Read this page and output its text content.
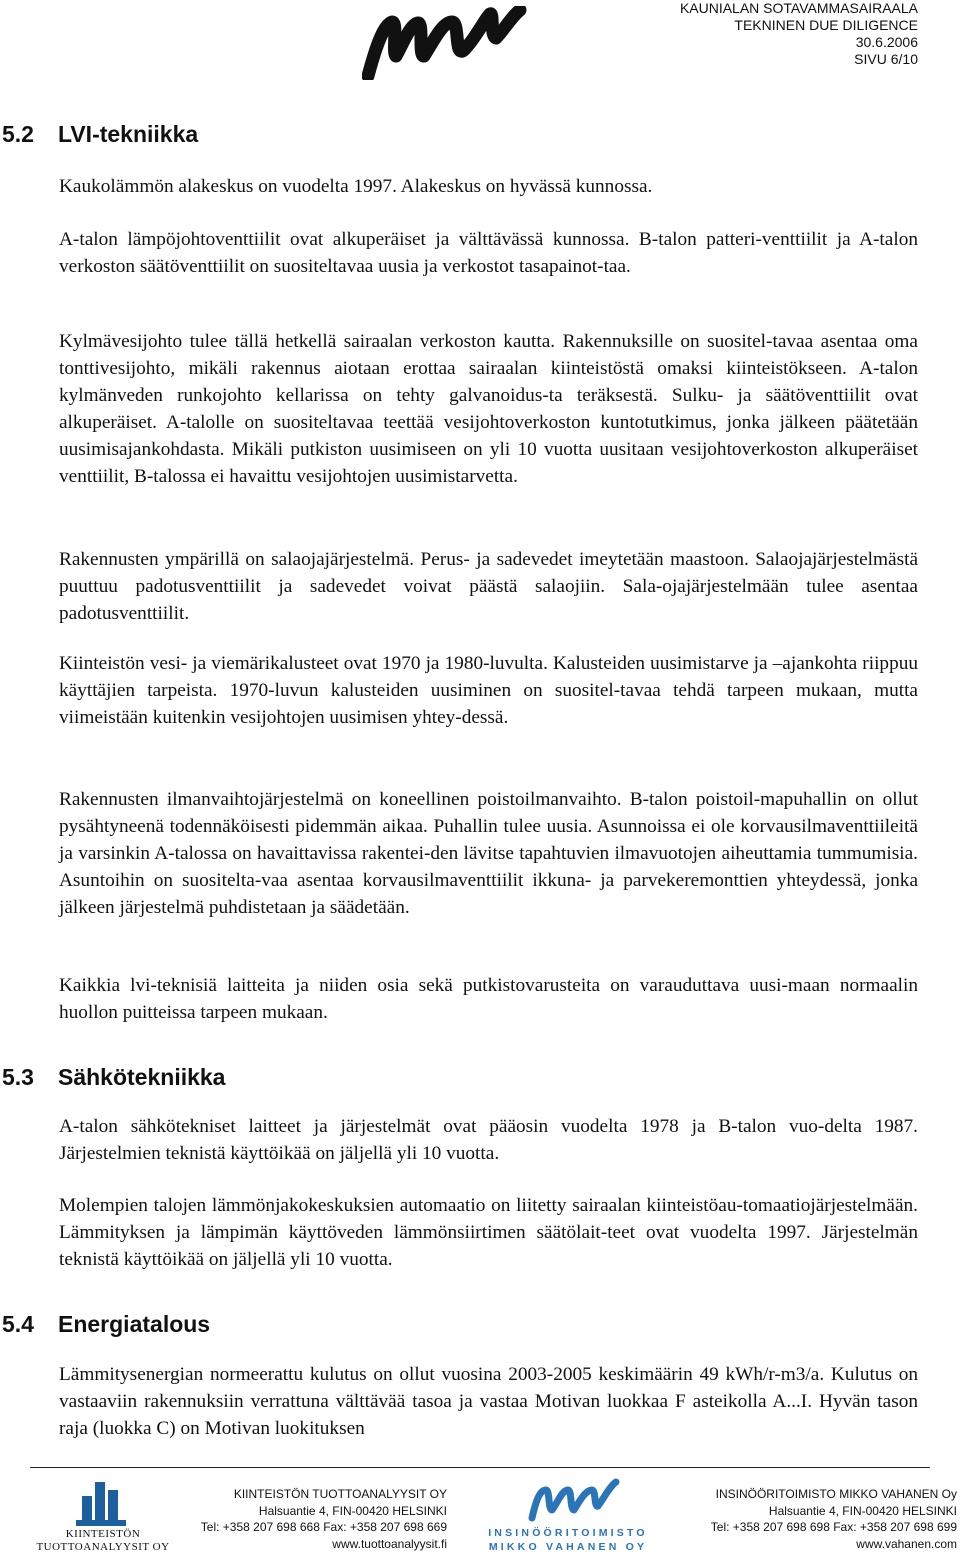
KAUNIALAN SOTAVAMMASAIRAALA
TEKNINEN DUE DILIGENCE
30.6.2006
SIVU 6/10
5.2 LVI-tekniikka

Kaukolämmön alakeskus on vuodelta 1997. Alakeskus on hyvässä kunnossa.

A-talon lämpöjohtoventtiilit ovat alkuperäiset ja välttävässä kunnossa. B-talon patteri-venttiilit ja A-talon verkoston säätöventtiilit on suositeltavaa uusia ja verkostot tasapainot-taa.

Kylmävesijohto tulee tällä hetkellä sairaalan verkoston kautta. Rakennuksille on suositel-tavaa asentaa oma tonttivesijohto, mikäli rakennus aiotaan erottaa sairaalan kiinteistöstä omaksi kiinteistökseen. A-talon kylmänveden runkojohto kellarissa on tehty galvanoidus-ta teräksestä. Sulku- ja säätöventtiilit ovat alkuperäiset. A-talolle on suositeltavaa teettää vesijohtoverkoston kuntotutkimus, jonka jälkeen päätetään uusimisajankohdasta. Mikäli putkiston uusimiseen on yli 10 vuotta uusitaan vesijohtoverkoston alkuperäiset venttiilit, B-talossa ei havaittu vesijohtojen uusimistarvetta.

Rakennusten ympärillä on salaojajärjestelmä. Perus- ja sadevedet imeytetään maastoon. Salaojajärjestelmästä puuttuu padotusventtiilit ja sadevedet voivat päästä salaojiin. Sala-ojajärjestelmään tulee asentaa padotusventtiilit.

Kiinteistön vesi- ja viemärikalusteet ovat 1970 ja 1980-luvulta. Kalusteiden uusimistarve ja –ajankohta riippuu käyttäjien tarpeista. 1970-luvun kalusteiden uusiminen on suositel-tavaa tehdä tarpeen mukaan, mutta viimeistään kuitenkin vesijohtojen uusimisen yhtey-dessä.

Rakennusten ilmanvaihtojärjestelmä on koneellinen poistoilmanvaihto. B-talon poistoil-mapuhallin on ollut pysähtyneenä todennäköisesti pidemmän aikaa. Puhallin tulee uusia. Asunnoissa ei ole korvausilmaventtiileitä ja varsinkin A-talossa on havaittavissa rakentei-den lävitse tapahtuvien ilmavuotojen aiheuttamia tummumisia. Asuntoihin on suositelta-vaa asentaa korvausilmaventtiilit ikkuna- ja parvekeremonttien yhteydessä, jonka jälkeen järjestelmä puhdistetaan ja säädetään.

Kaikkia lvi-teknisiä laitteita ja niiden osia sekä putkistovarusteita on varauduttava uusi-maan normaalin huollon puitteissa tarpeen mukaan.

5.3 Sähkötekniikka

A-talon sähkötekniset laitteet ja järjestelmät ovat pääosin vuodelta 1978 ja B-talon vuo-delta 1987. Järjestelmien teknistä käyttöikää on jäljellä yli 10 vuotta.

Molempien talojen lämmönjakokeskuksien automaatio on liitetty sairaalan kiinteistöau-tomaatiojärjestelmään. Lämmityksen ja lämpimän käyttöveden lämmönsiirtimen säätölait-teet ovat vuodelta 1997. Järjestelmän teknistä käyttöikää on jäljellä yli 10 vuotta.

5.4 Energiatalous

Lämmitysenergian normeerattu kulutus on ollut vuosina 2003-2005 keskimäärin 49 kWh/r-m3/a. Kulutus on vastaaviin rakennuksiin verrattuna välttävää tasoa ja vastaa Motivan luokkaa F asteikolla A...I. Hyvän tason raja (luokka C) on Motivan luokituksen

KIINTEISTÖN
TUOTTOANALYYSIT OY
KIINTEISTÖN TUOTTOANALYYSIT OY
Halsuantie 4, FIN-00420 HELSINKI
Tel: +358 207 698 668 Fax: +358 207 698 669
www.tuottoanalyysit.fi
INSINÖÖRITOIMISTO
MIKKO VAHANEN OY
INSINÖÖRITOIMISTO MIKKO VAHANEN Oy
Halsuantie 4, FIN-00420 HELSINKI
Tel: +358 207 698 698 Fax: +358 207 698 699
www.vahanen.com
